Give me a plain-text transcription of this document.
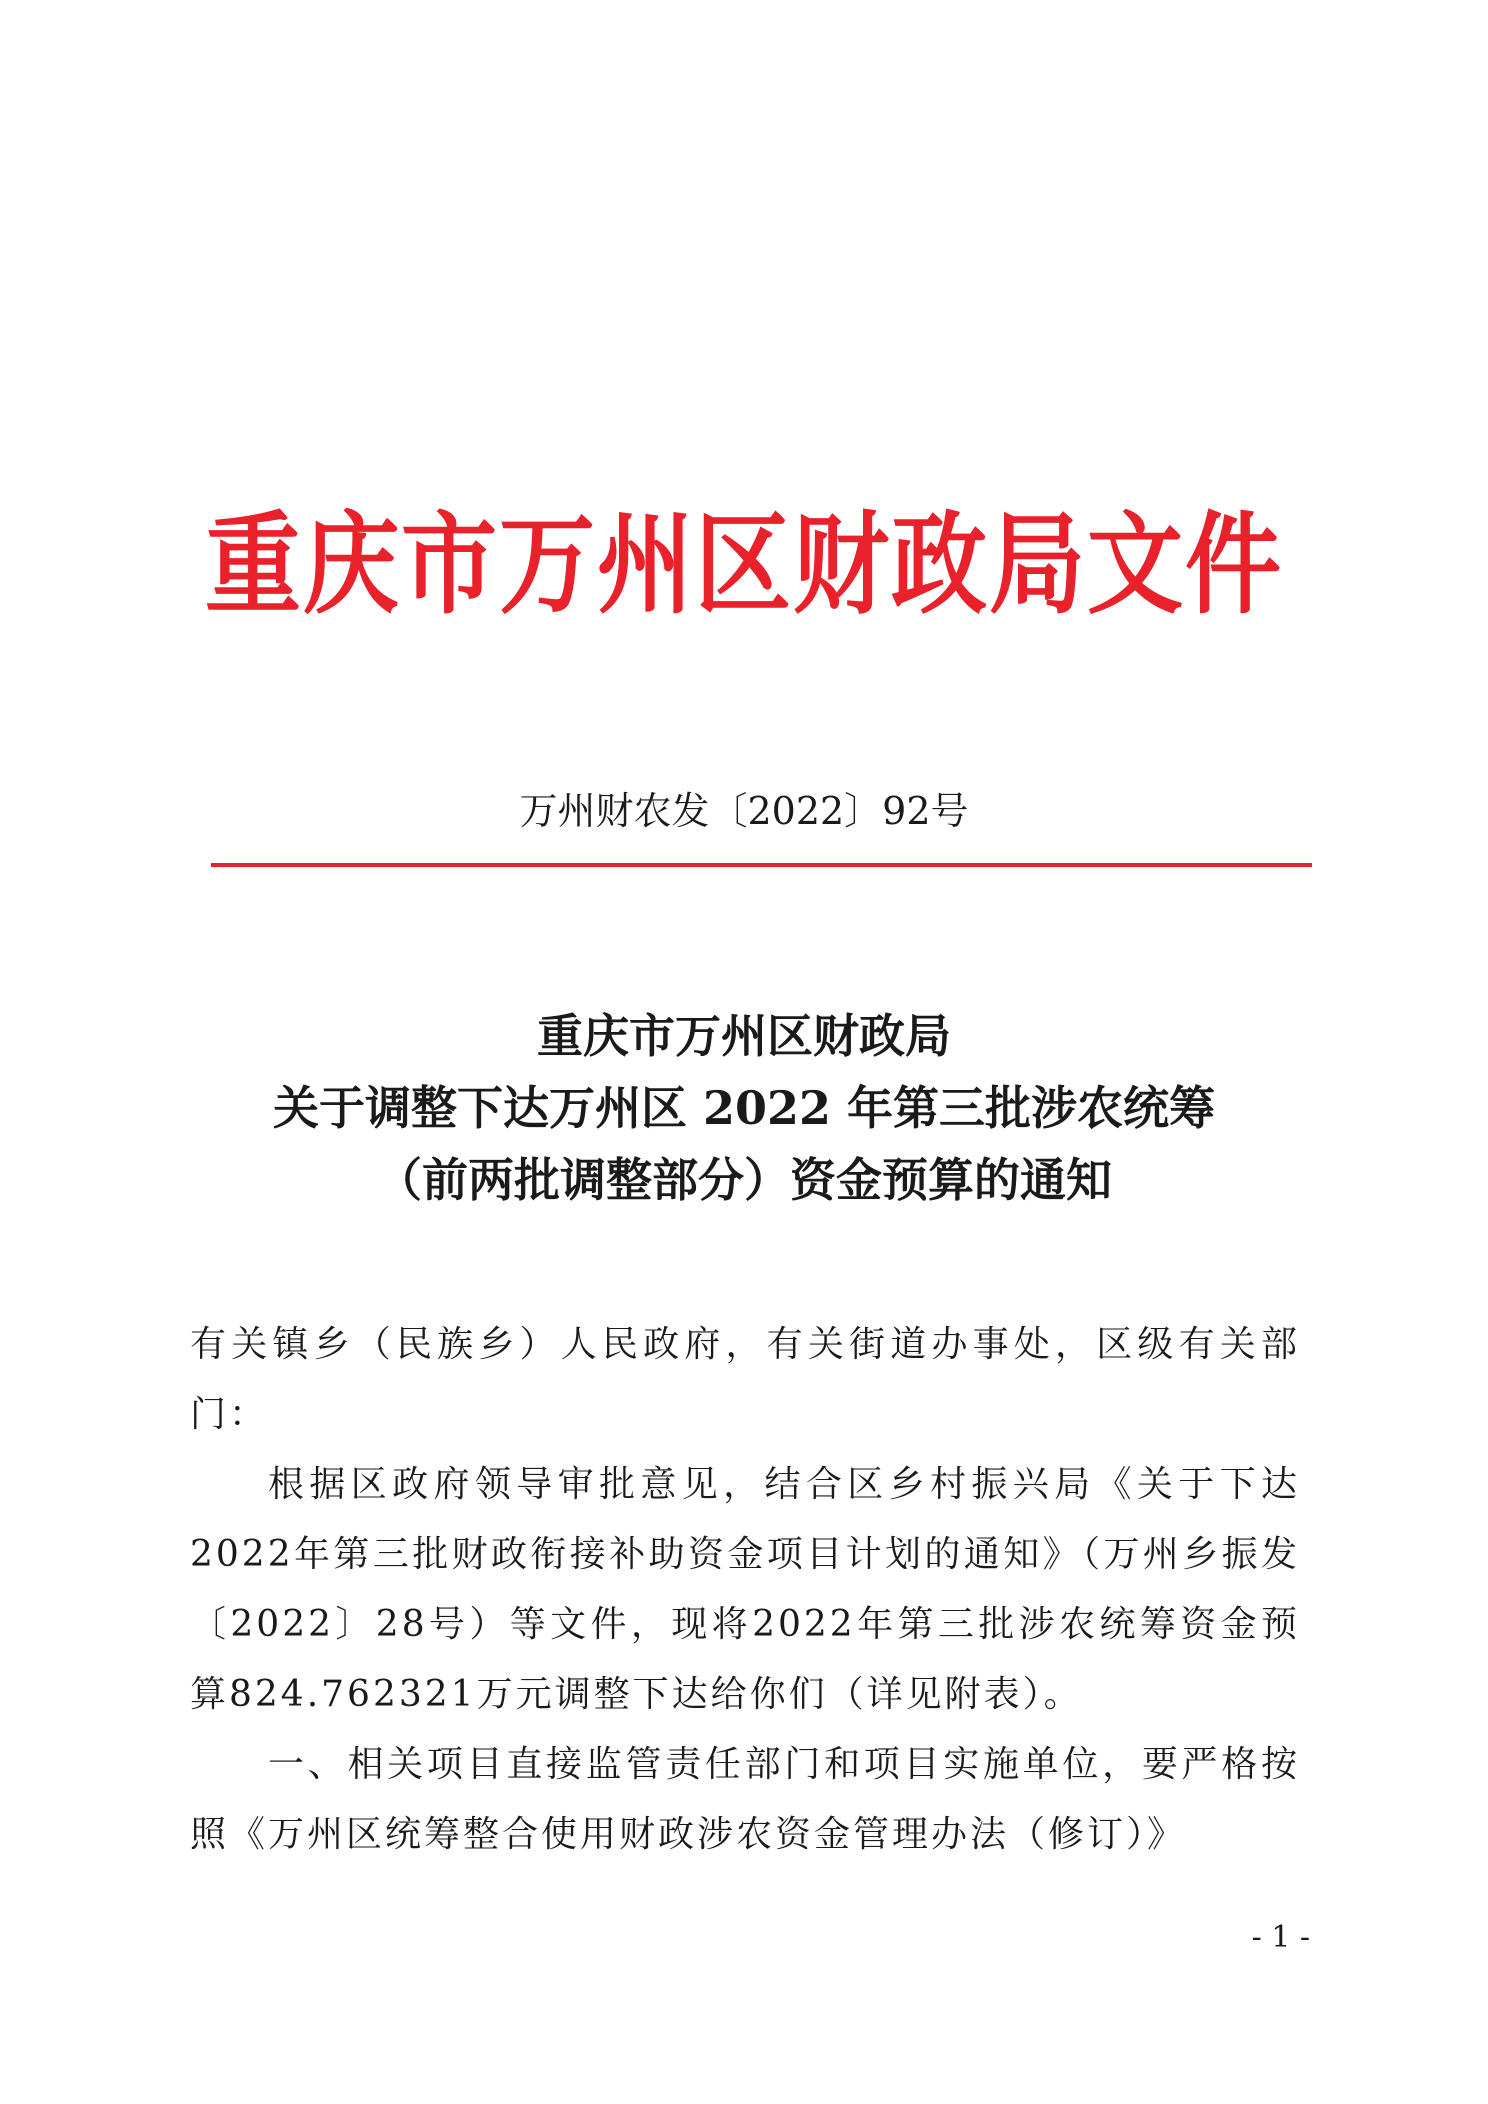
重庆市万州区财政局文件
万州财农发〔2022〕92号
重庆市万州区财政局
关于调整下达万州区 2022 年第三批涉农统筹
（前两批调整部分）资金预算的通知

有关镇乡（民族乡）人民政府，有关街道办事处，区级有关部门：

根据区政府领导审批意见，结合区乡村振兴局《关于下达2022年第三批财政衔接补助资金项目计划的通知》（万州乡振发〔2022〕28号）等文件，现将2022年第三批涉农统筹资金预算824.762321万元调整下达给你们（详见附表）。

一、相关项目直接监管责任部门和项目实施单位，要严格按照《万州区统筹整合使用财政涉农资金管理办法（修订）》

- 1 -
